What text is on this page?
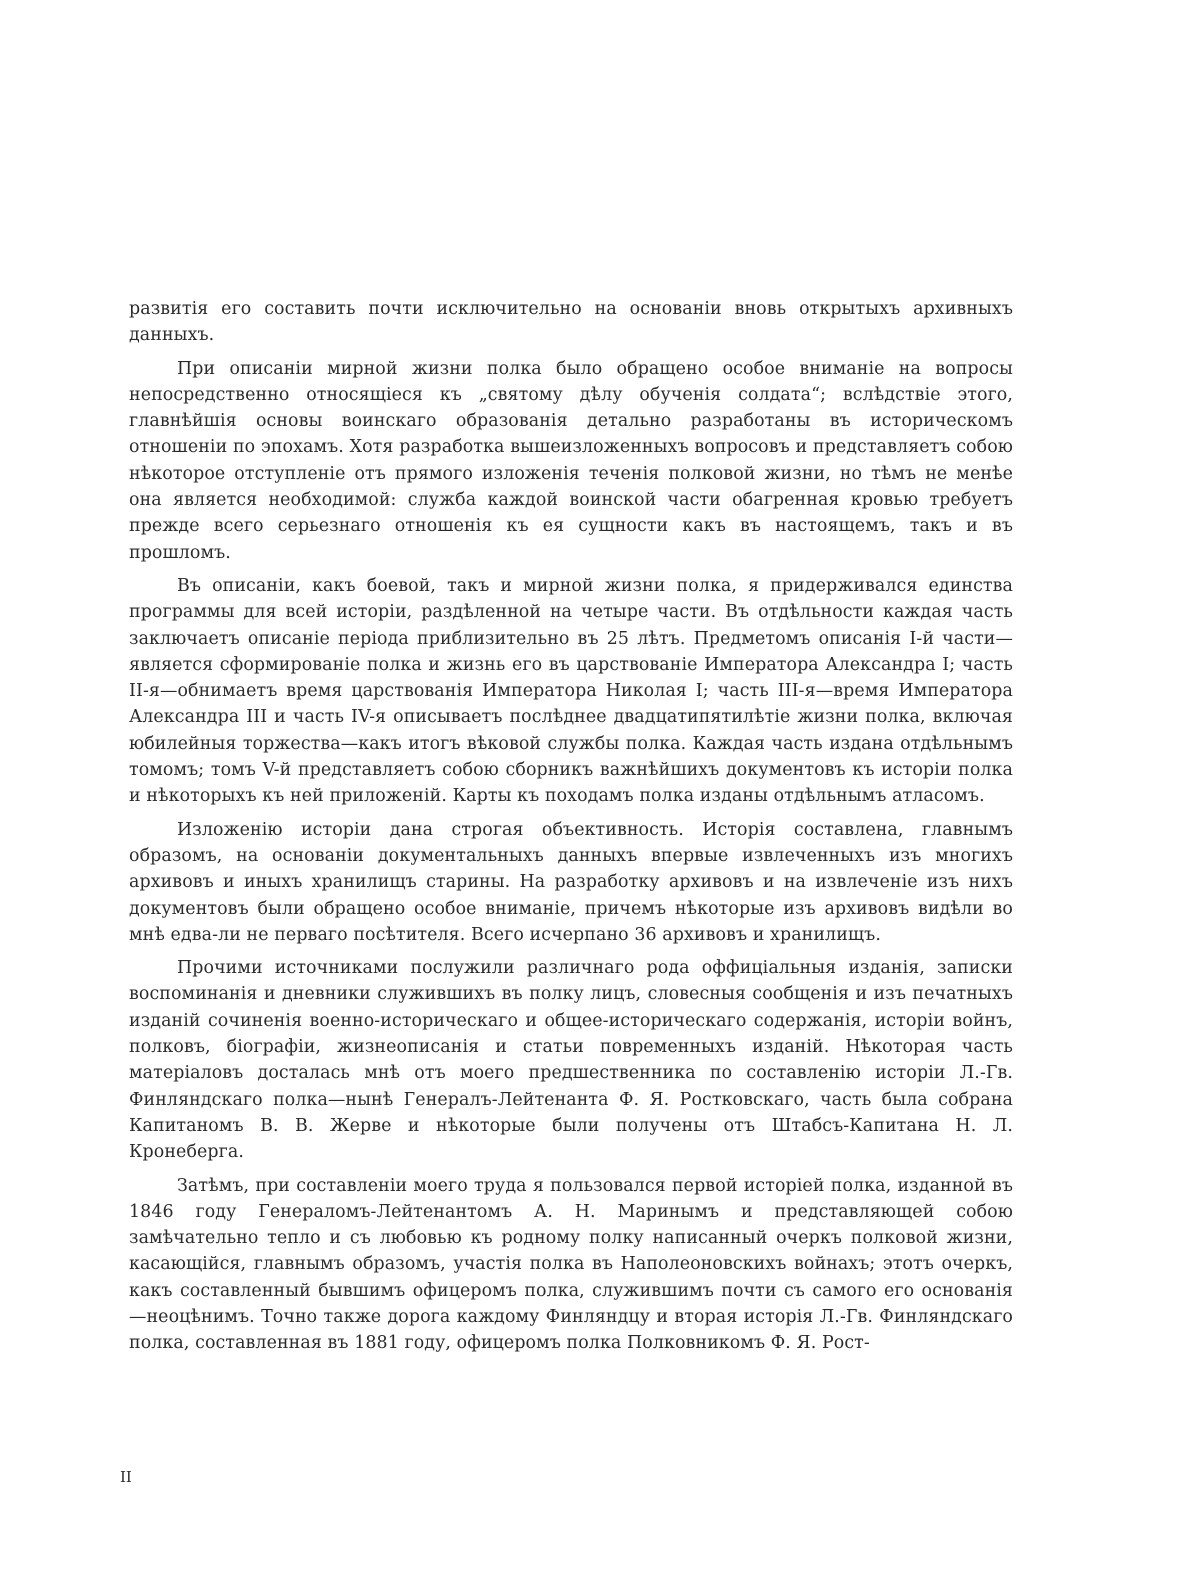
развитія его составить почти исключительно на основаніи вновь открытыхъ архивныхъ данныхъ.

При описаніи мирной жизни полка было обращено особое вниманіе на вопросы непосредственно относящіеся къ „святому дѣлу обученія солдата“; вслѣдствіе этого, главнѣйшія основы воинскаго образованія детально разработаны въ историческомъ отношеніи по эпохамъ. Хотя разработка вышеизложенныхъ вопросовъ и представляетъ собою нѣкоторое отступленіе отъ прямого изложенія теченія полковой жизни, но тѣмъ не менѣе она является необходимой: служба каждой воинской части обагренная кровью требуетъ прежде всего серьезнаго отношенія къ ея сущности какъ въ настоящемъ, такъ и въ прошломъ.

Въ описаніи, какъ боевой, такъ и мирной жизни полка, я придерживался единства программы для всей исторіи, раздѣленной на четыре части. Въ отдѣльности каждая часть заключаетъ описаніе періода приблизительно въ 25 лѣтъ. Предметомъ описанія I-й части— является сформированіе полка и жизнь его въ царствованіе Императора Александра I; часть II-я—обнимаетъ время царствованія Императора Николая I; часть III-я—время Императора Александра III и часть IV-я описываетъ послѣднее двадцатипятилѣтіе жизни полка, включая юбилейныя торжества—какъ итогъ вѣковой службы полка. Каждая часть издана отдѣльнымъ томомъ; томъ V-й представляетъ собою сборникъ важнѣйшихъ документовъ къ исторіи полка и нѣкоторыхъ къ ней приложеній. Карты къ походамъ полка изданы отдѣльнымъ атласомъ.

Изложенію исторіи дана строгая объективность. Исторія составлена, главнымъ образомъ, на основаніи документальныхъ данныхъ впервые извлеченныхъ изъ многихъ архивовъ и иныхъ хранилищъ старины. На разработку архивовъ и на извлеченіе изъ нихъ документовъ были обращено особое вниманіе, причемъ нѣкоторые изъ архивовъ видѣли во мнѣ едва-ли не перваго посѣтителя. Всего исчерпано 36 архивовъ и хранилищъ.

Прочими источниками послужили различнаго рода оффиціальныя изданія, записки воспоминанія и дневники служившихъ въ полку лицъ, словесныя сообщенія и изъ печатныхъ изданій сочиненія военно-историческаго и общее-историческаго содержанія, исторіи войнъ, полковъ, біографіи, жизнеописанія и статьи повременныхъ изданій. Нѣкоторая часть матеріаловъ досталась мнѣ отъ моего предшественника по составленію исторіи Л.-Гв. Финляндскаго полка—нынѣ Генералъ-Лейтенанта Ф. Я. Ростковскаго, часть была собрана Капитаномъ В. В. Жерве и нѣкоторые были получены отъ Штабсъ-Капитана Н. Л. Кронеберга.

Затѣмъ, при составленіи моего труда я пользовался первой исторіей полка, изданной въ 1846 году Генераломъ-Лейтенантомъ А. Н. Маринымъ и представляющей собою замѣчательно тепло и съ любовью къ родному полку написанный очеркъ полковой жизни, касающійся, главнымъ образомъ, участія полка въ Наполеоновскихъ войнахъ; этотъ очеркъ, какъ составленный бывшимъ офицеромъ полка, служившимъ почти съ самого его основанія—неоцѣнимъ. Точно также дорога каждому Финляндцу и вторая исторія Л.-Гв. Финляндскаго полка, составленная въ 1881 году, офицеромъ полка Полковникомъ Ф. Я. Рост-

II
